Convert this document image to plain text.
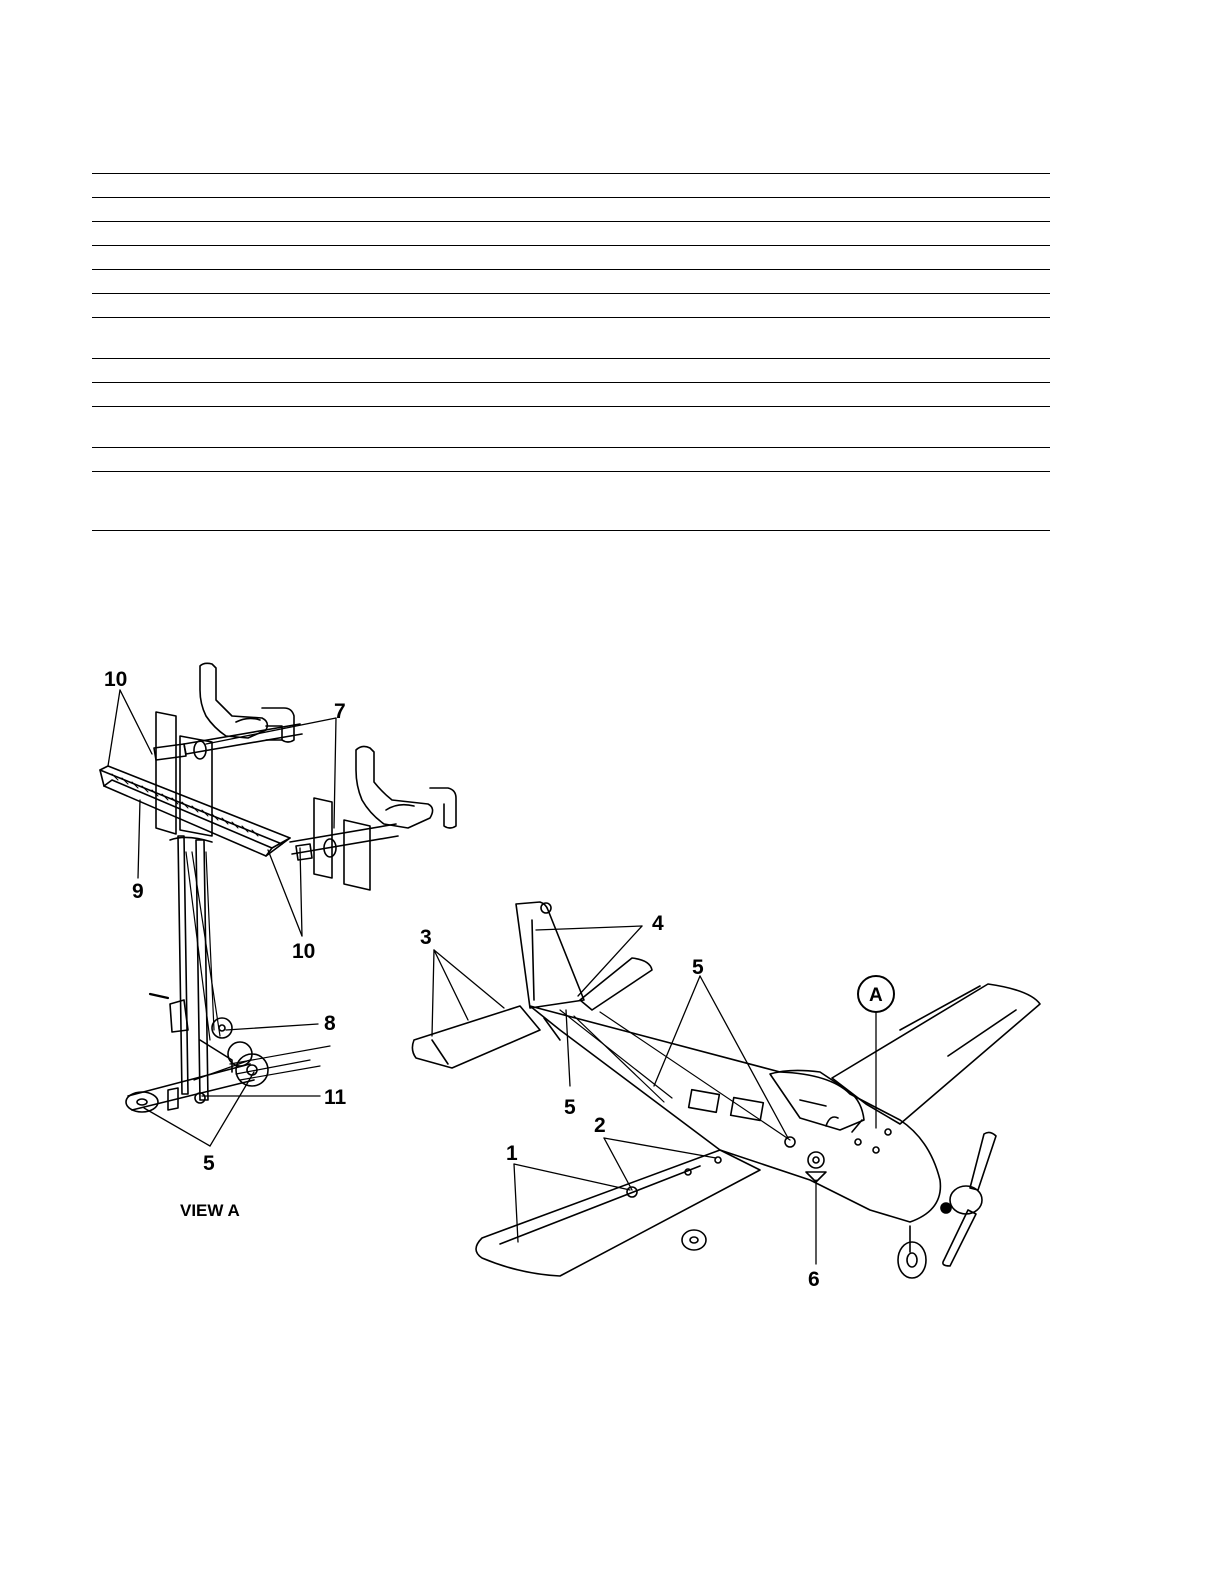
10
7
9
10
8
11
5
VIEW A
3
4
5
5
1
2
6
A
